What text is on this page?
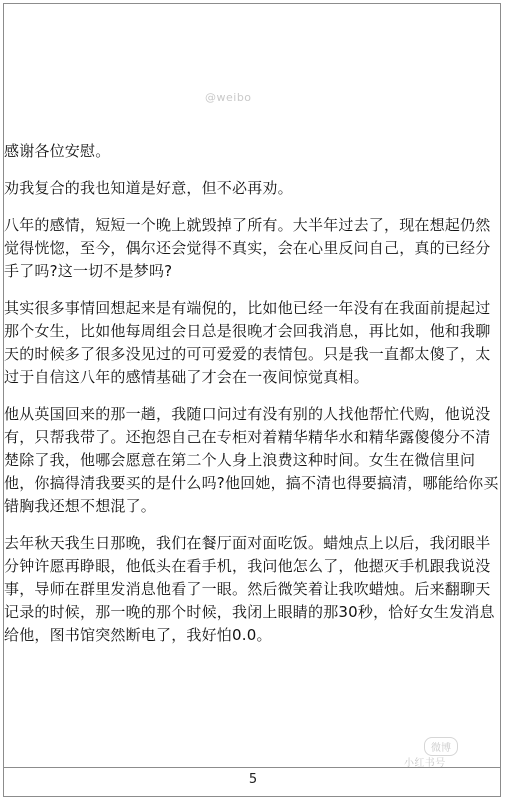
@weibo

感谢各位安慰。

劝我复合的我也知道是好意，但不必再劝。

八年的感情，短短一个晚上就毁掉了所有。大半年过去了，现在想起仍然觉得恍惚，至今，偶尔还会觉得不真实，会在心里反问自己，真的已经分手了吗?这一切不是梦吗?

其实很多事情回想起来是有端倪的，比如他已经一年没有在我面前提起过那个女生，比如他每周组会日总是很晚才会回我消息，再比如，他和我聊天的时候多了很多没见过的可可爱爱的表情包。只是我一直都太傻了，太过于自信这八年的感情基础了才会在一夜间惊觉真相。

他从英国回来的那一趟，我随口问过有没有别的人找他帮忙代购，他说没有，只帮我带了。还抱怨自己在专柜对着精华精华水和精华露傻傻分不清楚除了我，他哪会愿意在第二个人身上浪费这种时间。女生在微信里问他，你搞得清我要买的是什么吗?他回她，搞不清也得要搞清，哪能给你买错胸我还想不想混了。

去年秋天我生日那晚，我们在餐厅面对面吃饭。蜡烛点上以后，我闭眼半分钟许愿再睁眼，他低头在看手机，我问他怎么了，他摁灭手机跟我说没事，导师在群里发消息他看了一眼。然后微笑着让我吹蜡烛。后来翻聊天记录的时候，那一晚的那个时候，我闭上眼睛的那30秒，恰好女生发消息给他，图书馆突然断电了，我好怕0.0。

微博
小红书号
5
